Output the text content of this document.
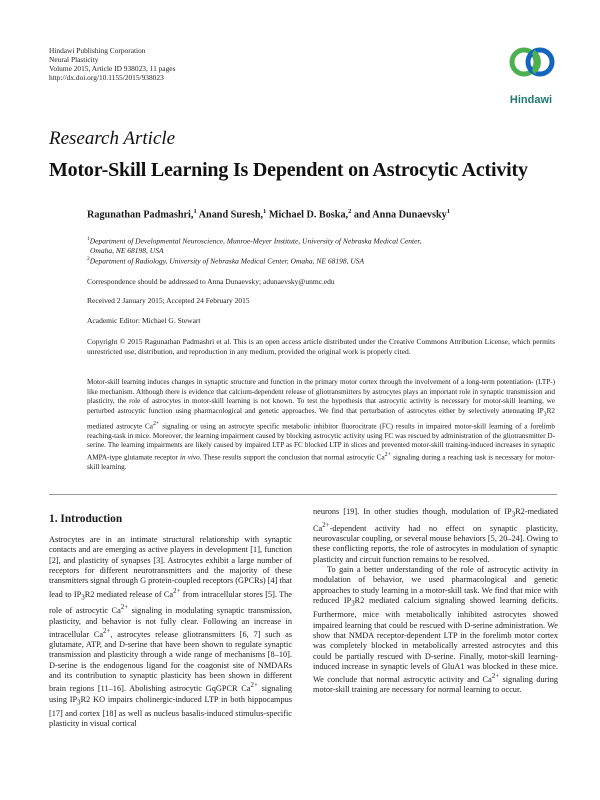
Hindawi Publishing Corporation
Neural Plasticity
Volume 2015, Article ID 938023, 11 pages
http://dx.doi.org/10.1155/2015/938023
Hindawi
Research Article
Motor-Skill Learning Is Dependent on Astrocytic Activity
Ragunathan Padmashri,$^1$ Anand Suresh,$^1$ Michael D. Boska,$^2$ and Anna Dunaevsky$^1$
$^1$Department of Developmental Neuroscience, Munroe-Meyer Institute, University of Nebraska Medical Center,
Omaha, NE 68198, USA
$^2$Department of Radiology, University of Nebraska Medical Center, Omaha, NE 68198, USA
Correspondence should be addressed to Anna Dunaevsky; adunaevsky@unmc.edu
Received 2 January 2015; Accepted 24 February 2015
Academic Editor: Michael G. Stewart
Copyright © 2015 Ragunathan Padmashri et al. This is an open access article distributed under the Creative Commons Attribution License, which permits unrestricted use, distribution, and reproduction in any medium, provided the original work is properly cited.
Motor-skill learning induces changes in synaptic structure and function in the primary motor cortex through the involvement of a long-term potentiation- (LTP-) like mechanism. Although there is evidence that calcium-dependent release of gliotransmitters by astrocytes plays an important role in synaptic transmission and plasticity, the role of astrocytes in motor-skill learning is not known. To test the hypothesis that astrocytic activity is necessary for motor-skill learning, we perturbed astrocytic function using pharmacological and genetic approaches. We find that perturbation of astrocytes either by selectively attenuating $IP_3R2$ mediated astrocyte $Ca^{2+}$ signaling or using an astrocyte specific metabolic inhibitor fluorocitrate (FC) results in impaired motor-skill learning of a forelimb reaching-task in mice. Moreover, the learning impairment caused by blocking astrocytic activity using FC was rescued by administration of the gliotransmitter D-serine. The learning impairments are likely caused by impaired LTP as FC blocked LTP in slices and prevented motor-skill training-induced increases in synaptic AMPA-type glutamate receptor in vivo. These results support the conclusion that normal astrocytic $Ca^{2+}$ signaling during a reaching task is necessary for motor-skill learning.
1. Introduction

Astrocytes are in an intimate structural relationship with synaptic contacts and are emerging as active players in development [1], function [2], and plasticity of synapses [3]. Astrocytes exhibit a large number of receptors for different neurotransmitters and the majority of these transmitters signal through G protein-coupled receptors (GPCRs) [4] that lead to $IP_3R2$ mediated release of $Ca^{2+}$ from intracellular stores [5]. The role of astrocytic $Ca^{2+}$ signaling in modulating synaptic transmission, plasticity, and behavior is not fully clear. Following an increase in intracellular $Ca^{2+}$, astrocytes release gliotransmitters [6, 7] such as glutamate, ATP, and D-serine that have been shown to regulate synaptic transmission and plasticity through a wide range of mechanisms [8–10]. D-serine is the endogenous ligand for the coagonist site of NMDARs and its contribution to synaptic plasticity has been shown in different brain regions [11–16]. Abolishing astrocytic GqGPCR $Ca^{2+}$ signaling using $IP_3R2$ KO impairs cholinergic-induced LTP in both hippocampus [17] and cortex [18] as well as nucleus basalis-induced stimulus-specific plasticity in visual cortical

neurons [19]. In other studies though, modulation of $IP_3R2$-mediated $Ca^{2+}$-dependent activity had no effect on synaptic plasticity, neurovascular coupling, or several mouse behaviors [5, 20–24]. Owing to these conflicting reports, the role of astrocytes in modulation of synaptic plasticity and circuit function remains to be resolved.

To gain a better understanding of the role of astrocytic activity in modulation of behavior, we used pharmacological and genetic approaches to study learning in a motor-skill task. We find that mice with reduced $IP_3R2$ mediated calcium signaling showed learning deficits. Furthermore, mice with metabolically inhibited astrocytes showed impaired learning that could be rescued with D-serine administration. We show that NMDA receptor-dependent LTP in the forelimb motor cortex was completely blocked in metabolically arrested astrocytes and this could be partially rescued with D-serine. Finally, motor-skill learning-induced increase in synaptic levels of GluA1 was blocked in these mice. We conclude that normal astrocytic activity and $Ca^{2+}$ signaling during motor-skill training are necessary for normal learning to occur.
